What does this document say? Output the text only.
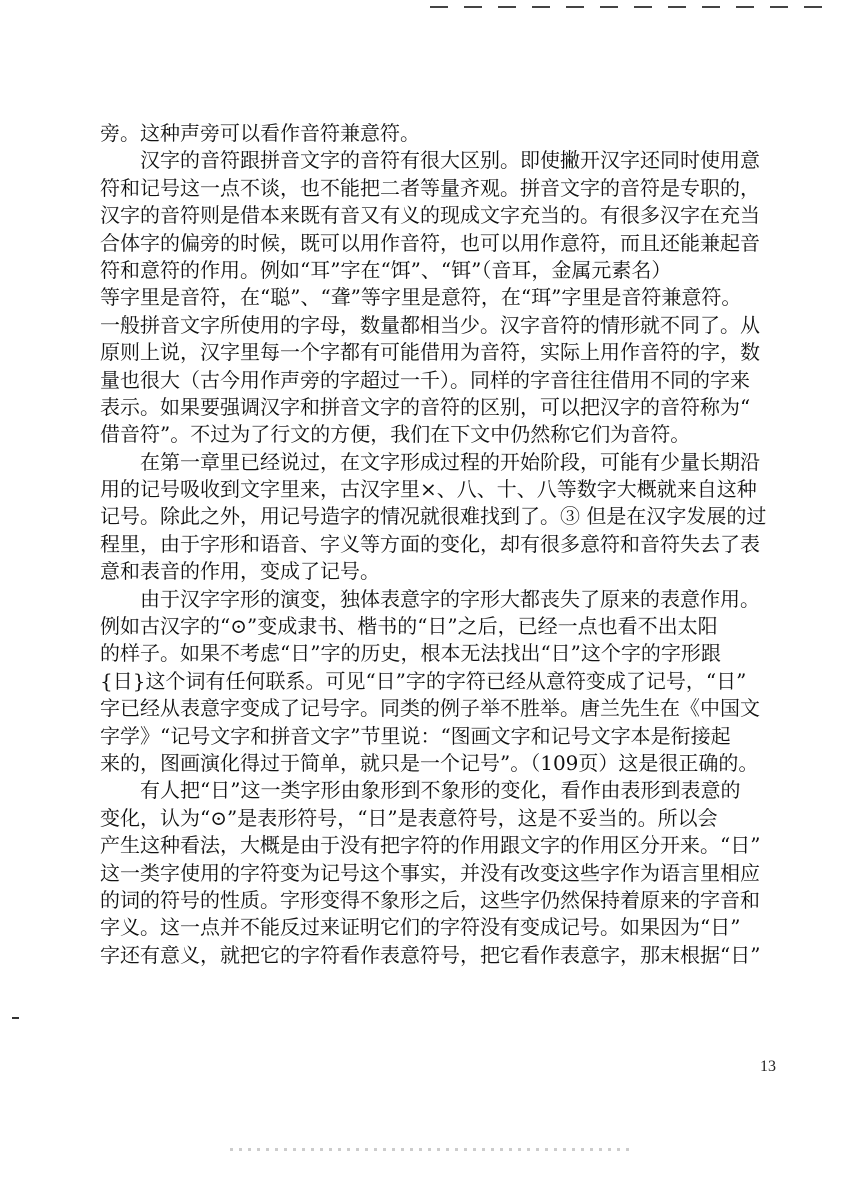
旁。这种声旁可以看作音符兼意符。
汉字的音符跟拼音文字的音符有很大区别。即使撇开汉字还同时使用意
符和记号这一点不谈，也不能把二者等量齐观。拼音文字的音符是专职的，
汉字的音符则是借本来既有音又有义的现成文字充当的。有很多汉字在充当
合体字的偏旁的时候，既可以用作音符，也可以用作意符，而且还能兼起音
符和意符的作用。例如“耳”字在“饵”、“铒”（音耳，金属元素名）
等字里是音符，在“聪”、“聋”等字里是意符，在“珥”字里是音符兼意符。
一般拼音文字所使用的字母，数量都相当少。汉字音符的情形就不同了。从
原则上说，汉字里每一个字都有可能借用为音符，实际上用作音符的字，数
量也很大（古今用作声旁的字超过一千）。同样的字音往往借用不同的字来
表示。如果要强调汉字和拼音文字的音符的区别，可以把汉字的音符称为“
借音符”。不过为了行文的方便，我们在下文中仍然称它们为音符。
在第一章里已经说过，在文字形成过程的开始阶段，可能有少量长期沿
用的记号吸收到文字里来，古汉字里×、八、十、八等数字大概就来自这种
记号。除此之外，用记号造字的情况就很难找到了。③ 但是在汉字发展的过
程里，由于字形和语音、字义等方面的变化，却有很多意符和音符失去了表
意和表音的作用，变成了记号。
由于汉字字形的演变，独体表意字的字形大都丧失了原来的表意作用。
例如古汉字的“⊙”变成隶书、楷书的“日”之后，已经一点也看不出太阳
的样子。如果不考虑“日”字的历史，根本无法找出“日”这个字的字形跟
{日}这个词有任何联系。可见“日”字的字符已经从意符变成了记号，“日”
字已经从表意字变成了记号字。同类的例子举不胜举。唐兰先生在《中国文
字学》“记号文字和拼音文字”节里说：“图画文字和记号文字本是衔接起
来的，图画演化得过于简单，就只是一个记号”。（109页）这是很正确的。
有人把“日”这一类字形由象形到不象形的变化，看作由表形到表意的
变化，认为“⊙”是表形符号，“日”是表意符号，这是不妥当的。所以会
产生这种看法，大概是由于没有把字符的作用跟文字的作用区分开来。“日”
这一类字使用的字符变为记号这个事实，并没有改变这些字作为语言里相应
的词的符号的性质。字形变得不象形之后，这些字仍然保持着原来的字音和
字义。这一点并不能反过来证明它们的字符没有变成记号。如果因为“日”
字还有意义，就把它的字符看作表意符号，把它看作表意字，那末根据“日”
13
